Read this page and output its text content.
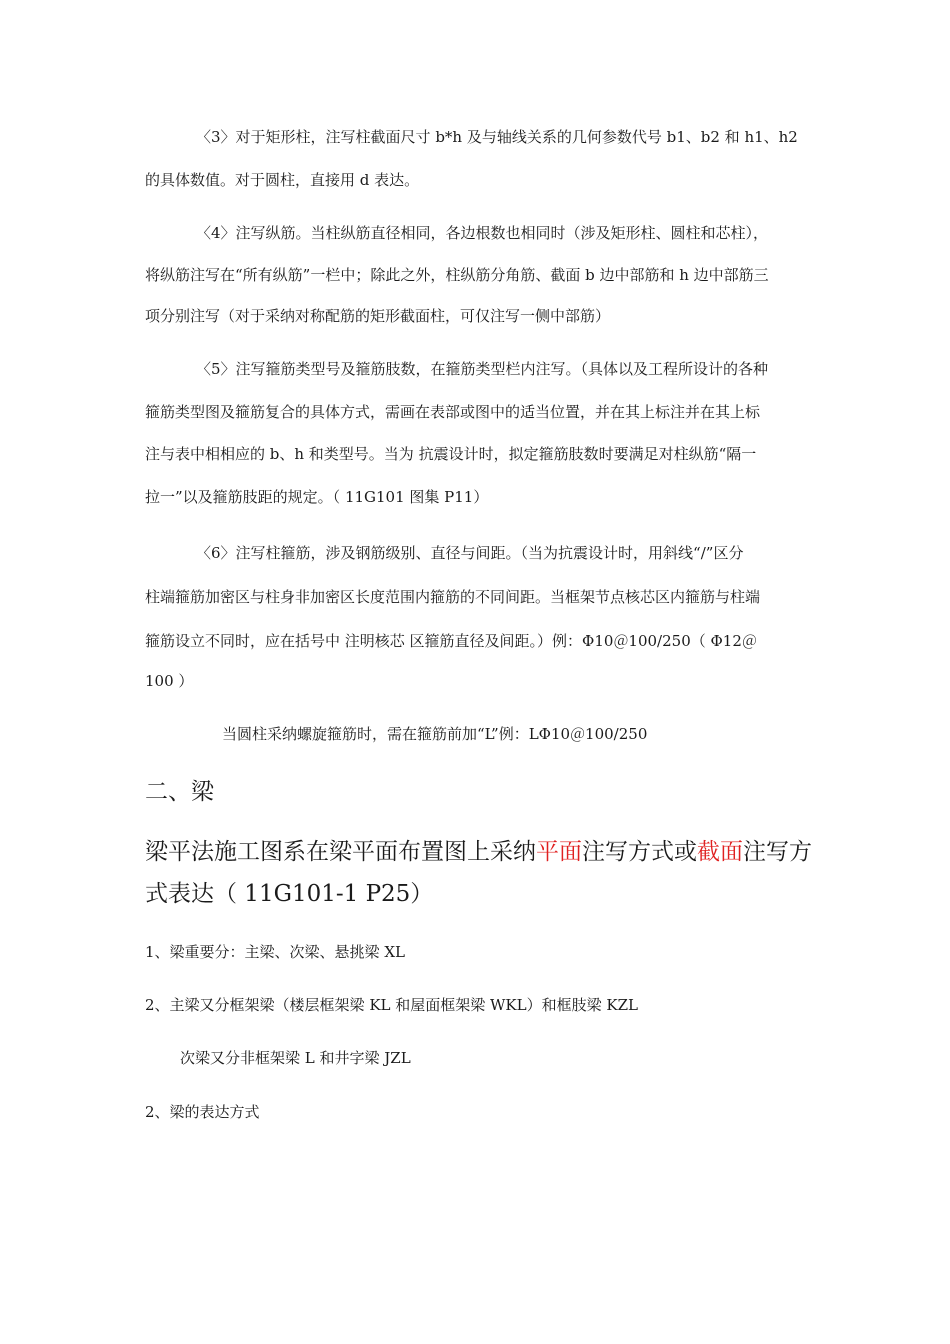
〈3〉对于矩形柱，注写柱截面尺寸 b*h 及与轴线关系的几何参数代号 b1、b2 和 h1、h2
的具体数值。对于圆柱，直接用 d 表达。
〈4〉注写纵筋。当柱纵筋直径相同，各边根数也相同时（涉及矩形柱、圆柱和芯柱），
将纵筋注写在“所有纵筋”一栏中；除此之外，柱纵筋分角筋、截面 b 边中部筋和 h 边中部筋三
项分别注写（对于采纳对称配筋的矩形截面柱，可仅注写一侧中部筋）
〈5〉注写箍筋类型号及箍筋肢数，在箍筋类型栏内注写。（具体以及工程所设计的各种
箍筋类型图及箍筋复合的具体方式，需画在表部或图中的适当位置，并在其上标注并在其上标
注与表中相相应的 b、h 和类型号。当为 抗震设计时，拟定箍筋肢数时要满足对柱纵筋“隔一
拉一”以及箍筋肢距的规定。（ 11G101 图集 P11）
〈6〉注写柱箍筋，涉及钢筋级别、直径与间距。（当为抗震设计时，用斜线“/”区分
柱端箍筋加密区与柱身非加密区长度范围内箍筋的不同间距。当框架节点核芯区内箍筋与柱端
箍筋设立不同时，应在括号中 注明核芯 区箍筋直径及间距。）例：Φ10＠100/250（ Φ12＠
100 ）
当圆柱采纳螺旋箍筋时，需在箍筋前加“L”例：LΦ10＠100/250
二、梁
梁平法施工图系在梁平面布置图上采纳平面注写方式或截面注写方
式表达（ 11G101-1 P25）
1、梁重要分：主梁、次梁、悬挑梁 XL
2、主梁又分框架梁（楼层框架梁 KL 和屋面框架梁 WKL）和框肢梁 KZL
次梁又分非框架梁 L 和井字梁 JZL
2、梁的表达方式
